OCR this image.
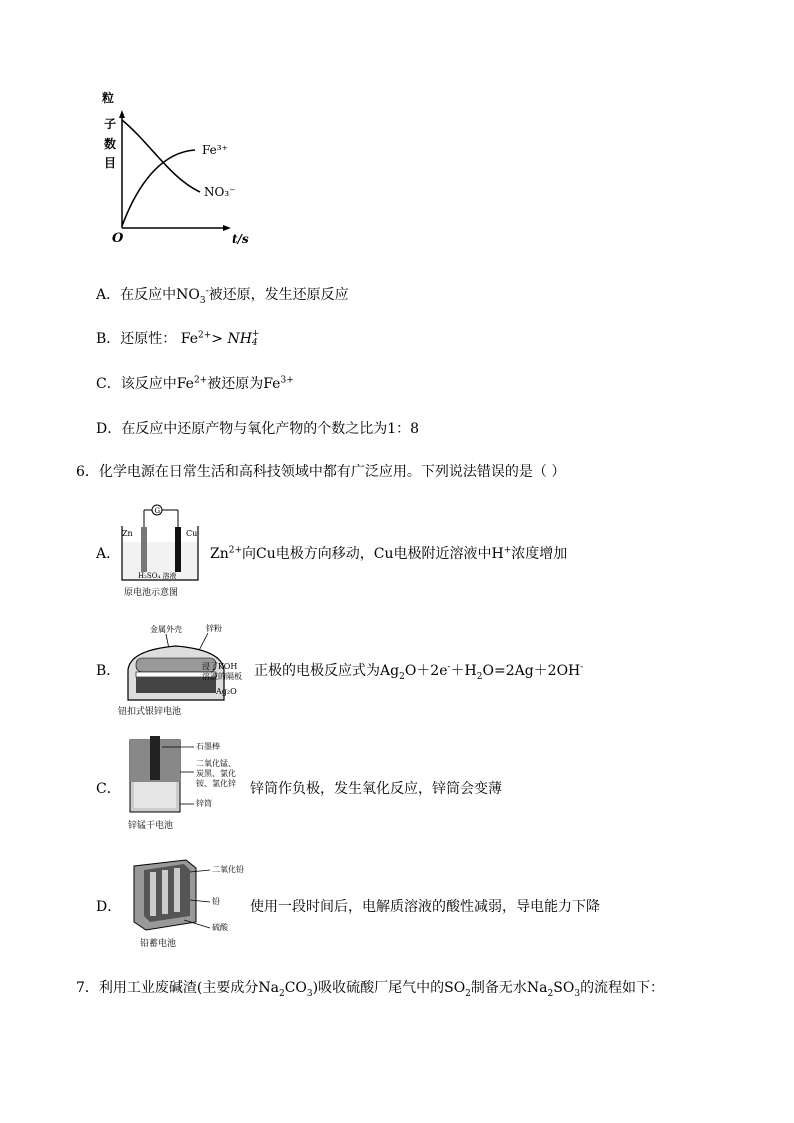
粒
子
数
目
Fe³⁺
NO₃⁻
O	t/s
A．在反应中$NO_3^-$被还原，发生还原反应
B．还原性： $Fe^{2+}>$ NH +
4
C．该反应中$Fe^{2+}$被还原为$Fe^{3+}$
D．在反应中还原产物与氧化产物的个数之比为1：8
6．化学电源在日常生活和高科技领域中都有广泛应用。下列说法错误的是（ ）
A．
G
Zn	Cu
H₂SO₄ 溶液
原电池示意图
$Zn^{2+}$向Cu电极方向移动，Cu电极附近溶液中H+浓度增加
B．
金属外壳	锌粉
浸了KOH
溶液的隔板
Ag₂O
钮扣式银锌电池
正极的电极反应式为$Ag_2O+2e^-+H_2O=2Ag+2OH^-$
C．
石墨棒
二氧化锰、
炭黑、氯化
铵、氯化锌
锌筒
锌锰干电池
锌筒作负极，发生氧化反应，锌筒会变薄
D．
二氧化铅
铅
硫酸
铅蓄电池
使用一段时间后，电解质溶液的酸性减弱，导电能力下降
7．利用工业废碱渣(主要成分$Na_2CO_3$)吸收硫酸厂尾气中的$SO_2$制备无水$Na_2SO_3$的流程如下：
